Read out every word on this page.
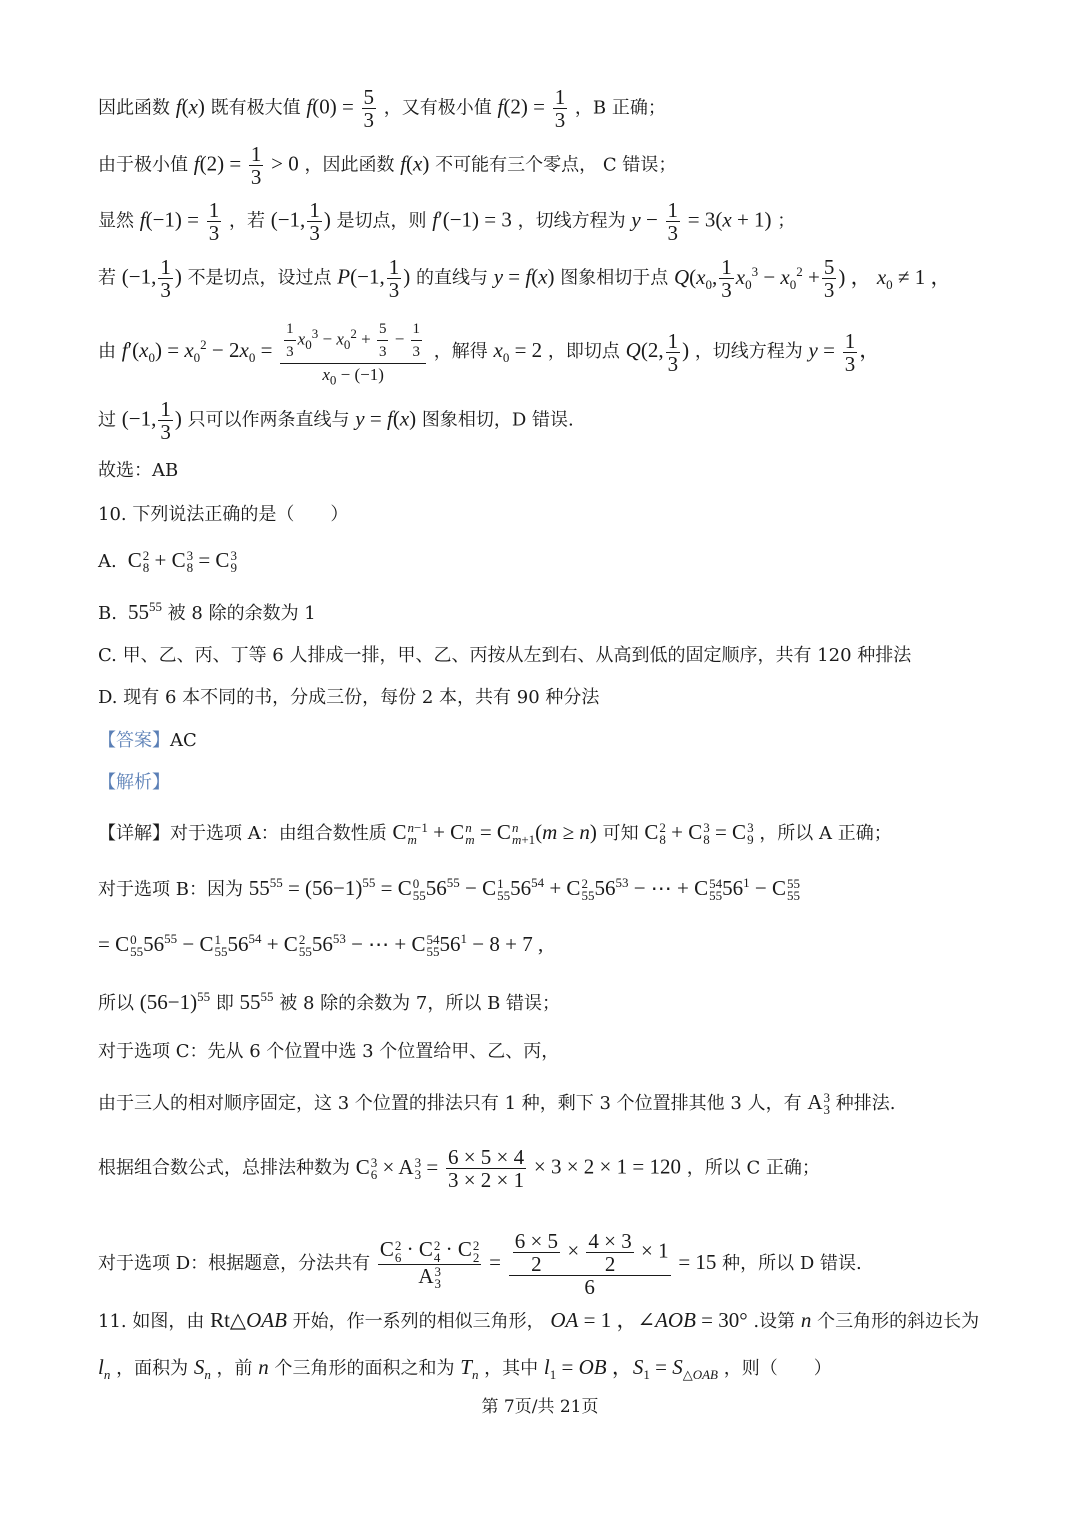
因此函数 f(x) 既有极大值 $f(0) = \frac{5}{3}$ ，又有极小值 $f(2) = \frac{1}{3}$ ，B 正确；
由于极小值 $f(2) = \frac{1}{3} > 0$ ，因此函数 f(x) 不可能有三个零点， C 错误；
显然 $f(-1) = \frac{1}{3}$ ，若 (−1, $\frac{1}{3}$ ) 是切点，则 f′(−1) = 3 ，切线方程为 $y - \frac{1}{3} = 3(x + 1)$ ；
若 (−1, $\frac{1}{3}$ ) 不是切点，设过点 P(−1, $\frac{1}{3}$ ) 的直线与 y = f(x) 图象相切于点 $Q(x_0$, $\frac{1}{3} x_0^3 - x_0^2 + \frac{5}{3}$ ) ， $x_0 \ne 1$ ，
由 $f'(x_0) = x_0^2 - 2x_0 = \frac{\frac{1}{3} x_0^3 - x_0^2 + \frac{5}{3} - \frac{1}{3}}{x_0 - (-1)}$ ，解得 $x_0 = 2$ ，即切点 Q(2, $\frac{1}{3}$ ) ，切线方程为 $y = \frac{1}{3}$ ，
过 (−1, $\frac{1}{3}$ ) 只可以作两条直线与 y = f(x) 图象相切，D 错误.
故选：AB
10. 下列说法正确的是（　　）
A.  C 2
8 + C 3
8 = C 3
9
B.  $55^{55}$ 被 8 除的余数为 1
C. 甲、乙、丙、丁等 6 人排成一排，甲、乙、丙按从左到右、从高到低的固定顺序，共有 120 种排法
D. 现有 6 本不同的书，分成三份，每份 2 本，共有 90 种分法
【答案】AC
【解析】
【详解】对于选项 A：由组合数性质 C n−1
m + C n
m = C n
m+1 (m ≥ n) 可知 C 2
8 + C 3
8 = C 3
9 ，所以 A 正确；
对于选项 B：因为 $55^{55} = (56-1)^{55} = C$ 0
55 $56^{55} - C$ 1
55 $56^{54} + C$ 2
55 $56^{53}$ − ⋯ + C 54
55 $56^1 - C$ 55
55
= C 0
55 $56^{55} - C$ 1
55 $56^{54} + C$ 2
55 $56^{53}$ − ⋯ + C 54
55 $56^1 - 8 + 7$ ,
所以 $(56-1)^{55}$ 即 $55^{55}$ 被 8 除的余数为 7，所以 B 错误；
对于选项 C：先从 6 个位置中选 3 个位置给甲、乙、丙，
由于三人的相对顺序固定，这 3 个位置的排法只有 1 种，剩下 3 个位置排其他 3 人，有 A 3
3 种排法.
根据组合数公式，总排法种数为 C 3
6 × A 3
$3 = \frac{6 \times 5 \times 4}{3 \times 2 \times 1} \times 3 \times 2 \times 1 = 120$ ，所以 C 正确；
对于选项 D：根据题意，分法共有 C 2
6 · C 2
4 · C 2
2
A 3
$3 = \frac{\frac{6 \times 5}{2} \times \frac{4 \times 3}{2} \times 1}{6} = 15$ 种，所以 D 错误.
11. 如图，由 Rt△OAB 开始，作一系列的相似三角形， OA = 1 ，∠AOB = 30° .设第 n 个三角形的斜边长为
$l_n$ ，面积为 $S_n$ ，前 n 个三角形的面积之和为 $T_n$ ，其中 $l_1$ = OB ，$S_1 = S_{\triangle OAB}$ ，则（　　）
第 7页/共 21页
